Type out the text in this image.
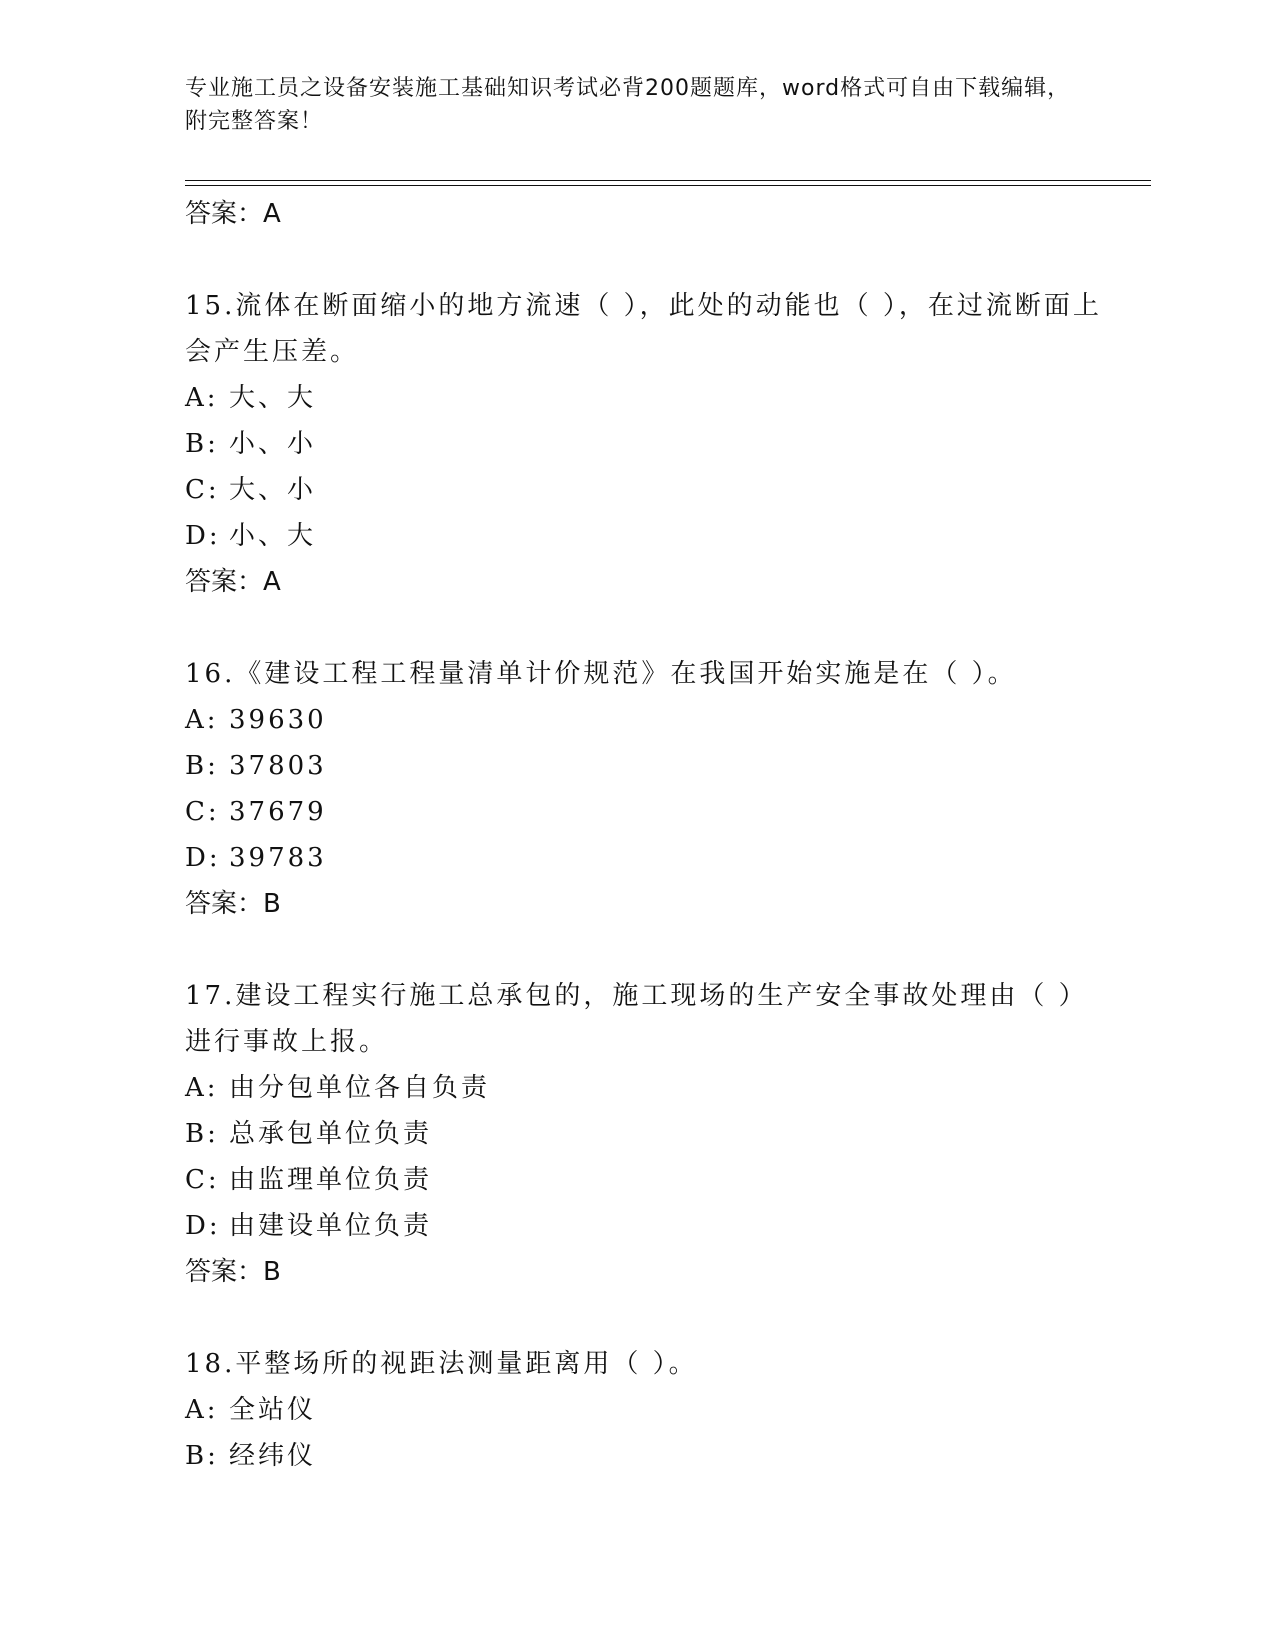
专业施工员之设备安装施工基础知识考试必背200题题库，word格式可自由下载编辑，附完整答案！

答案：A

15.流体在断面缩小的地方流速（ ），此处的动能也（ ），在过流断面上会产生压差。

A: 大、大

B: 小、小

C: 大、小

D: 小、大

答案：A

16.《建设工程工程量清单计价规范》在我国开始实施是在（ ）。

A: 39630

B: 37803

C: 37679

D: 39783

答案：B

17.建设工程实行施工总承包的，施工现场的生产安全事故处理由（ ）进行事故上报。

A: 由分包单位各自负责

B: 总承包单位负责

C: 由监理单位负责

D: 由建设单位负责

答案：B

18.平整场所的视距法测量距离用（ ）。

A: 全站仪

B: 经纬仪
